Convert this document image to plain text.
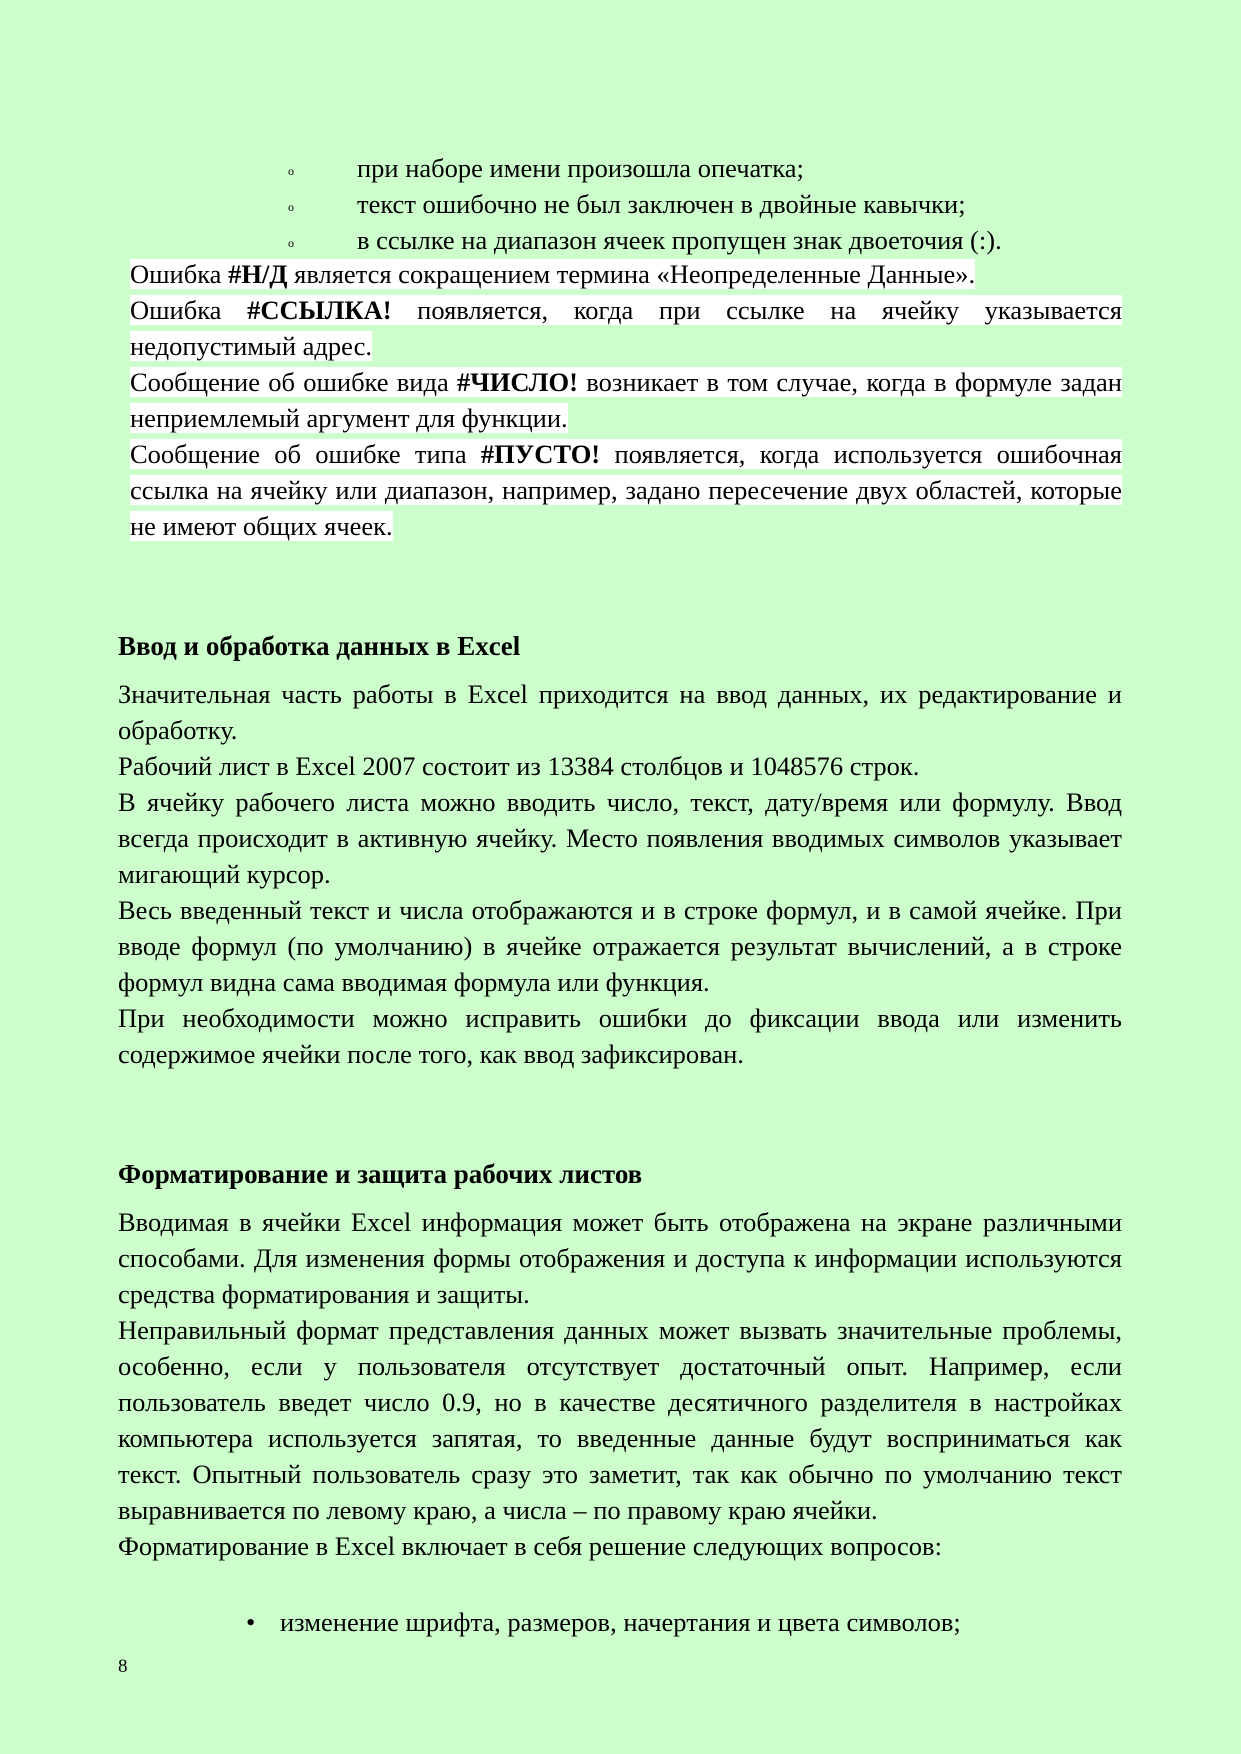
o при наборе имени произошла опечатка;
o текст ошибочно не был заключен в двойные кавычки;
o в ссылке на диапазон ячеек пропущен знак двоеточия (:).

Ошибка #Н/Д является сокращением термина «Неопределенные Данные».

Ошибка #ССЫЛКА! появляется, когда при ссылке на ячейку указывается недопустимый адрес.

Сообщение об ошибке вида #ЧИСЛО! возникает в том случае, когда в формуле задан неприемлемый аргумент для функции.

Сообщение об ошибке типа #ПУСТО! появляется, когда используется ошибочная ссылка на ячейку или диапазон, например, задано пересечение двух областей, которые не имеют общих ячеек.

Ввод и обработка данных в Excel

Значительная часть работы в Excel приходится на ввод данных, их редактирование и обработку.

Рабочий лист в Excel 2007 состоит из 13384 столбцов и 1048576 строк.

В ячейку рабочего листа можно вводить число, текст, дату/время или формулу. Ввод всегда происходит в активную ячейку. Место появления вводимых символов указывает мигающий курсор.

Весь введенный текст и числа отображаются и в строке формул, и в самой ячейке. При вводе формул (по умолчанию) в ячейке отражается результат вычислений, а в строке формул видна сама вводимая формула или функция.

При необходимости можно исправить ошибки до фиксации ввода или изменить содержимое ячейки после того, как ввод зафиксирован.

Форматирование и защита рабочих листов

Вводимая в ячейки Excel информация может быть отображена на экране различными способами. Для изменения формы отображения и доступа к информации используются средства форматирования и защиты.

Неправильный формат представления данных может вызвать значительные проблемы, особенно, если у пользователя отсутствует достаточный опыт. Например, если пользователь введет число 0.9, но в качестве десятичного разделителя в настройках компьютера используется запятая, то введенные данные будут восприниматься как текст. Опытный пользователь сразу это заметит, так как обычно по умолчанию текст выравнивается по левому краю, а числа – по правому краю ячейки.

Форматирование в Excel включает в себя решение следующих вопросов:

• изменение шрифта, размеров, начертания и цвета символов;
8
